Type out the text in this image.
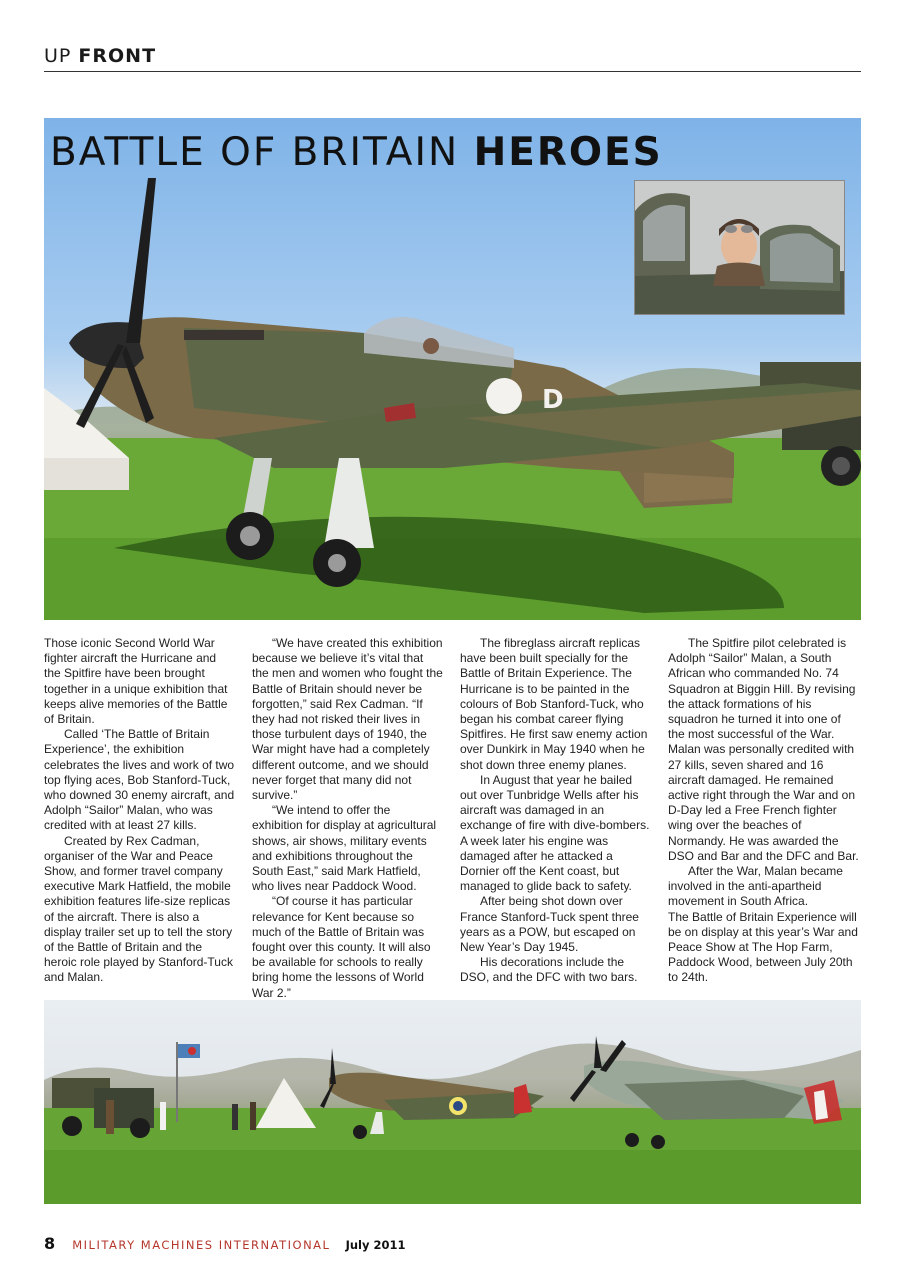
UP FRONT
D
BATTLE OF BRITAIN HEROES

Those iconic Second World War fighter aircraft the Hurricane and the Spitfire have been brought together in a unique exhibition that keeps alive memories of the Battle of Britain.

Called ‘The Battle of Britain Experience’, the exhibition celebrates the lives and work of two top flying aces, Bob Stanford-Tuck, who downed 30 enemy aircraft, and Adolph “Sailor” Malan, who was credited with at least 27 kills.

Created by Rex Cadman, organiser of the War and Peace Show, and former travel company executive Mark Hatfield, the mobile exhibition features life-size replicas of the aircraft. There is also a display trailer set up to tell the story of the Battle of Britain and the heroic role played by Stanford-Tuck and Malan.

“We have created this exhibition because we believe it’s vital that the men and women who fought the Battle of Britain should never be forgotten,” said Rex Cadman. “If they had not risked their lives in those turbulent days of 1940, the War might have had a completely different outcome, and we should never forget that many did not survive.”

“We intend to offer the exhibition for display at agricultural shows, air shows, military events and exhibitions throughout the South East,” said Mark Hatfield, who lives near Paddock Wood.

“Of course it has particular relevance for Kent because so much of the Battle of Britain was fought over this county. It will also be available for schools to really bring home the lessons of World War 2.”

The fibreglass aircraft replicas have been built specially for the Battle of Britain Experience. The Hurricane is to be painted in the colours of Bob Stanford-Tuck, who began his combat career flying Spitfires. He first saw enemy action over Dunkirk in May 1940 when he shot down three enemy planes.

In August that year he bailed out over Tunbridge Wells after his aircraft was damaged in an exchange of fire with dive-bombers. A week later his engine was damaged after he attacked a Dornier off the Kent coast, but managed to glide back to safety.

After being shot down over France Stanford-Tuck spent three years as a POW, but escaped on New Year’s Day 1945.

His decorations include the DSO, and the DFC with two bars.

The Spitfire pilot celebrated is Adolph “Sailor” Malan, a South African who commanded No. 74 Squadron at Biggin Hill. By revising the attack formations of his squadron he turned it into one of the most successful of the War. Malan was personally credited with 27 kills, seven shared and 16 aircraft damaged. He remained active right through the War and on D-Day led a Free French fighter wing over the beaches of Normandy. He was awarded the DSO and Bar and the DFC and Bar.

After the War, Malan became involved in the anti-apartheid movement in South Africa.

The Battle of Britain Experience will be on display at this year’s War and Peace Show at The Hop Farm, Paddock Wood, between July 20th to 24th.

8 MILITARY MACHINES INTERNATIONAL July 2011
